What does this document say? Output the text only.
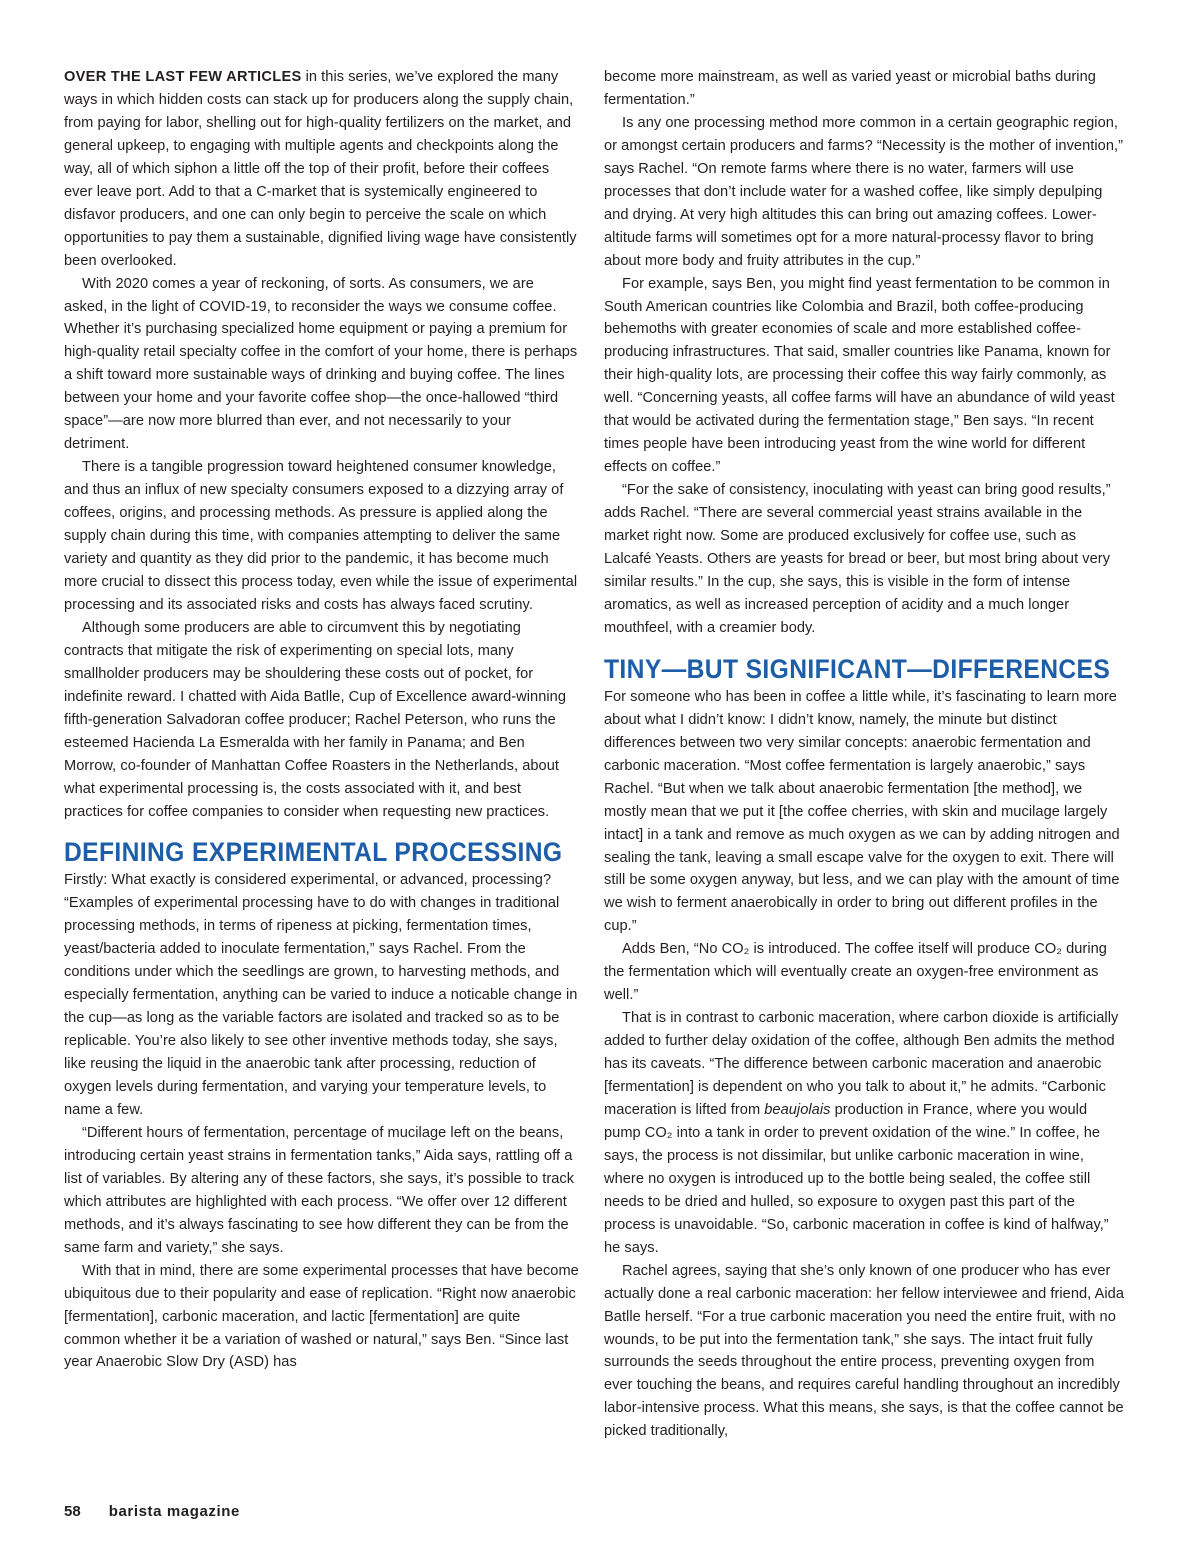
OVER THE LAST FEW ARTICLES in this series, we’ve explored the many ways in which hidden costs can stack up for producers along the supply chain, from paying for labor, shelling out for high-quality fertilizers on the market, and general upkeep, to engaging with multiple agents and checkpoints along the way, all of which siphon a little off the top of their profit, before their coffees ever leave port. Add to that a C-market that is systemically engineered to disfavor producers, and one can only begin to perceive the scale on which opportunities to pay them a sustainable, dignified living wage have consistently been overlooked.

With 2020 comes a year of reckoning, of sorts. As consumers, we are asked, in the light of COVID-19, to reconsider the ways we consume coffee. Whether it’s purchasing specialized home equipment or paying a premium for high-quality retail specialty coffee in the comfort of your home, there is perhaps a shift toward more sustainable ways of drinking and buying coffee. The lines between your home and your favorite coffee shop—the once-hallowed “third space”—are now more blurred than ever, and not necessarily to your detriment.

There is a tangible progression toward heightened consumer knowledge, and thus an influx of new specialty consumers exposed to a dizzying array of coffees, origins, and processing methods. As pressure is applied along the supply chain during this time, with companies attempting to deliver the same variety and quantity as they did prior to the pandemic, it has become much more crucial to dissect this process today, even while the issue of experimental processing and its associated risks and costs has always faced scrutiny.

Although some producers are able to circumvent this by negotiating contracts that mitigate the risk of experimenting on special lots, many smallholder producers may be shouldering these costs out of pocket, for indefinite reward. I chatted with Aida Batlle, Cup of Excellence award-winning fifth-generation Salvadoran coffee producer; Rachel Peterson, who runs the esteemed Hacienda La Esmeralda with her family in Panama; and Ben Morrow, co-founder of Manhattan Coffee Roasters in the Netherlands, about what experimental processing is, the costs associated with it, and best practices for coffee companies to consider when requesting new practices.

DEFINING EXPERIMENTAL PROCESSING

Firstly: What exactly is considered experimental, or advanced, processing? “Examples of experimental processing have to do with changes in traditional processing methods, in terms of ripeness at picking, fermentation times, yeast/bacteria added to inoculate fermentation,” says Rachel. From the conditions under which the seedlings are grown, to harvesting methods, and especially fermentation, anything can be varied to induce a noticable change in the cup—as long as the variable factors are isolated and tracked so as to be replicable. You’re also likely to see other inventive methods today, she says, like reusing the liquid in the anaerobic tank after processing, reduction of oxygen levels during fermentation, and varying your temperature levels, to name a few.

“Different hours of fermentation, percentage of mucilage left on the beans, introducing certain yeast strains in fermentation tanks,” Aida says, rattling off a list of variables. By altering any of these factors, she says, it’s possible to track which attributes are highlighted with each process. “We offer over 12 different methods, and it’s always fascinating to see how different they can be from the same farm and variety,” she says.

With that in mind, there are some experimental processes that have become ubiquitous due to their popularity and ease of replication. “Right now anaerobic [fermentation], carbonic maceration, and lactic [fermentation] are quite common whether it be a variation of washed or natural,” says Ben. “Since last year Anaerobic Slow Dry (ASD) has

become more mainstream, as well as varied yeast or microbial baths during fermentation.”

Is any one processing method more common in a certain geographic region, or amongst certain producers and farms? “Necessity is the mother of invention,” says Rachel. “On remote farms where there is no water, farmers will use processes that don’t include water for a washed coffee, like simply depulping and drying. At very high altitudes this can bring out amazing coffees. Lower-altitude farms will sometimes opt for a more natural-processy flavor to bring about more body and fruity attributes in the cup.”

For example, says Ben, you might find yeast fermentation to be common in South American countries like Colombia and Brazil, both coffee-producing behemoths with greater economies of scale and more established coffee-producing infrastructures. That said, smaller countries like Panama, known for their high-quality lots, are processing their coffee this way fairly commonly, as well. “Concerning yeasts, all coffee farms will have an abundance of wild yeast that would be activated during the fermentation stage,” Ben says. “In recent times people have been introducing yeast from the wine world for different effects on coffee.”

“For the sake of consistency, inoculating with yeast can bring good results,” adds Rachel. “There are several commercial yeast strains available in the market right now. Some are produced exclusively for coffee use, such as Lalcafé Yeasts. Others are yeasts for bread or beer, but most bring about very similar results.” In the cup, she says, this is visible in the form of intense aromatics, as well as increased perception of acidity and a much longer mouthfeel, with a creamier body.

TINY—BUT SIGNIFICANT—DIFFERENCES

For someone who has been in coffee a little while, it’s fascinating to learn more about what I didn’t know: I didn’t know, namely, the minute but distinct differences between two very similar concepts: anaerobic fermentation and carbonic maceration. “Most coffee fermentation is largely anaerobic,” says Rachel. “But when we talk about anaerobic fermentation [the method], we mostly mean that we put it [the coffee cherries, with skin and mucilage largely intact] in a tank and remove as much oxygen as we can by adding nitrogen and sealing the tank, leaving a small escape valve for the oxygen to exit. There will still be some oxygen anyway, but less, and we can play with the amount of time we wish to ferment anaerobically in order to bring out different profiles in the cup.”

Adds Ben, “No CO₂ is introduced. The coffee itself will produce CO₂ during the fermentation which will eventually create an oxygen-free environment as well.”

That is in contrast to carbonic maceration, where carbon dioxide is artificially added to further delay oxidation of the coffee, although Ben admits the method has its caveats. “The difference between carbonic maceration and anaerobic [fermentation] is dependent on who you talk to about it,” he admits. “Carbonic maceration is lifted from beaujolais production in France, where you would pump CO₂ into a tank in order to prevent oxidation of the wine.” In coffee, he says, the process is not dissimilar, but unlike carbonic maceration in wine, where no oxygen is introduced up to the bottle being sealed, the coffee still needs to be dried and hulled, so exposure to oxygen past this part of the process is unavoidable. “So, carbonic maceration in coffee is kind of halfway,” he says.

Rachel agrees, saying that she’s only known of one producer who has ever actually done a real carbonic maceration: her fellow interviewee and friend, Aida Batlle herself. “For a true carbonic maceration you need the entire fruit, with no wounds, to be put into the fermentation tank,” she says. The intact fruit fully surrounds the seeds throughout the entire process, preventing oxygen from ever touching the beans, and requires careful handling throughout an incredibly labor-intensive process. What this means, she says, is that the coffee cannot be picked traditionally,

58 barista magazine
